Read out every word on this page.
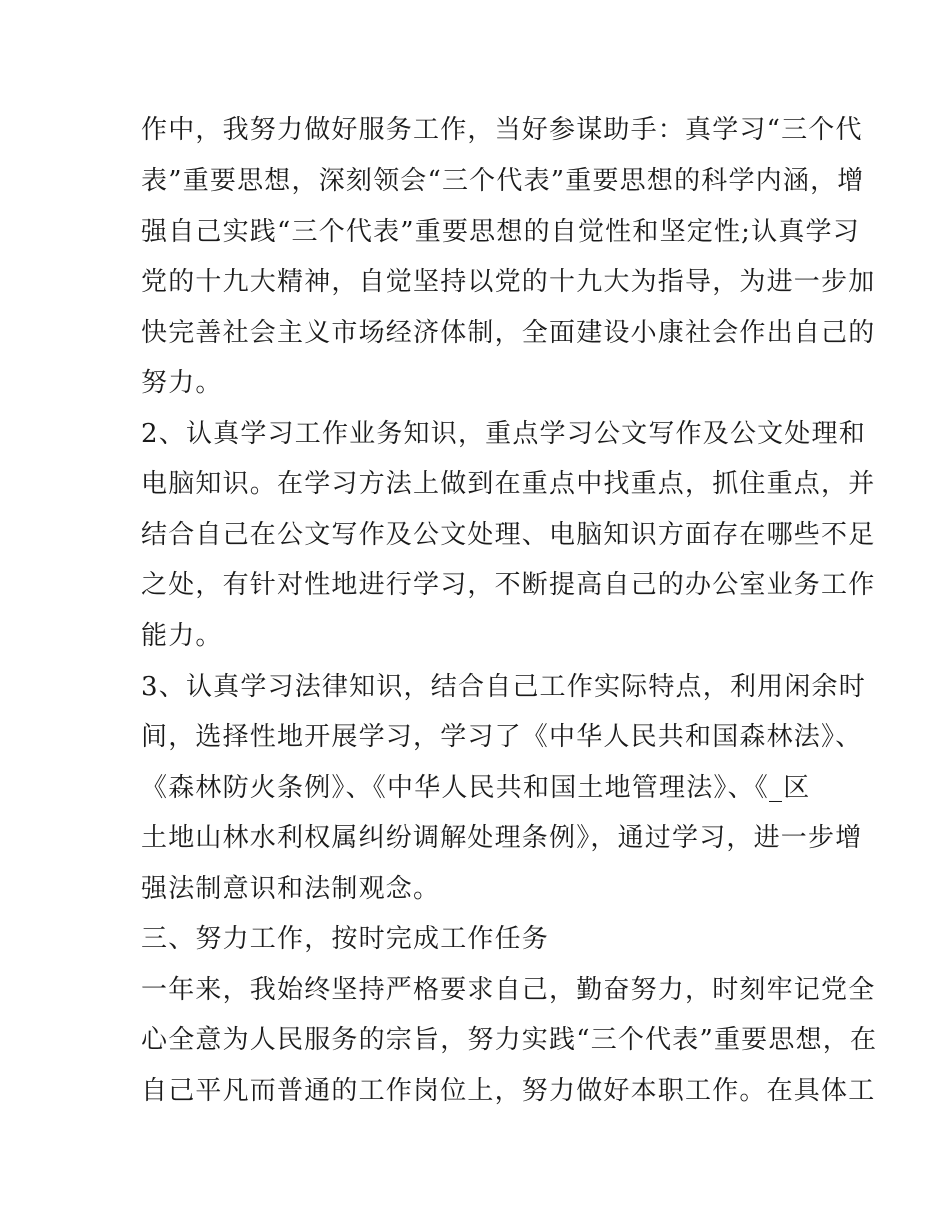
作中，我努力做好服务工作，当好参谋助手：真学习“三个代
表”重要思想，深刻领会“三个代表”重要思想的科学内涵，增
强自己实践“三个代表”重要思想的自觉性和坚定性;认真学习
党的十九大精神，自觉坚持以党的十九大为指导，为进一步加
快完善社会主义市场经济体制，全面建设小康社会作出自己的
努力。
2、认真学习工作业务知识，重点学习公文写作及公文处理和
电脑知识。在学习方法上做到在重点中找重点，抓住重点，并
结合自己在公文写作及公文处理、电脑知识方面存在哪些不足
之处，有针对性地进行学习，不断提高自己的办公室业务工作
能力。
3、认真学习法律知识，结合自己工作实际特点，利用闲余时
间，选择性地开展学习，学习了《中华人民共和国森林法》、
《森林防火条例》、《中华人民共和国土地管理法》、《_区
土地山林水利权属纠纷调解处理条例》，通过学习，进一步增
强法制意识和法制观念。
三、努力工作，按时完成工作任务
一年来，我始终坚持严格要求自己，勤奋努力，时刻牢记党全
心全意为人民服务的宗旨，努力实践“三个代表”重要思想，在
自己平凡而普通的工作岗位上，努力做好本职工作。在具体工
